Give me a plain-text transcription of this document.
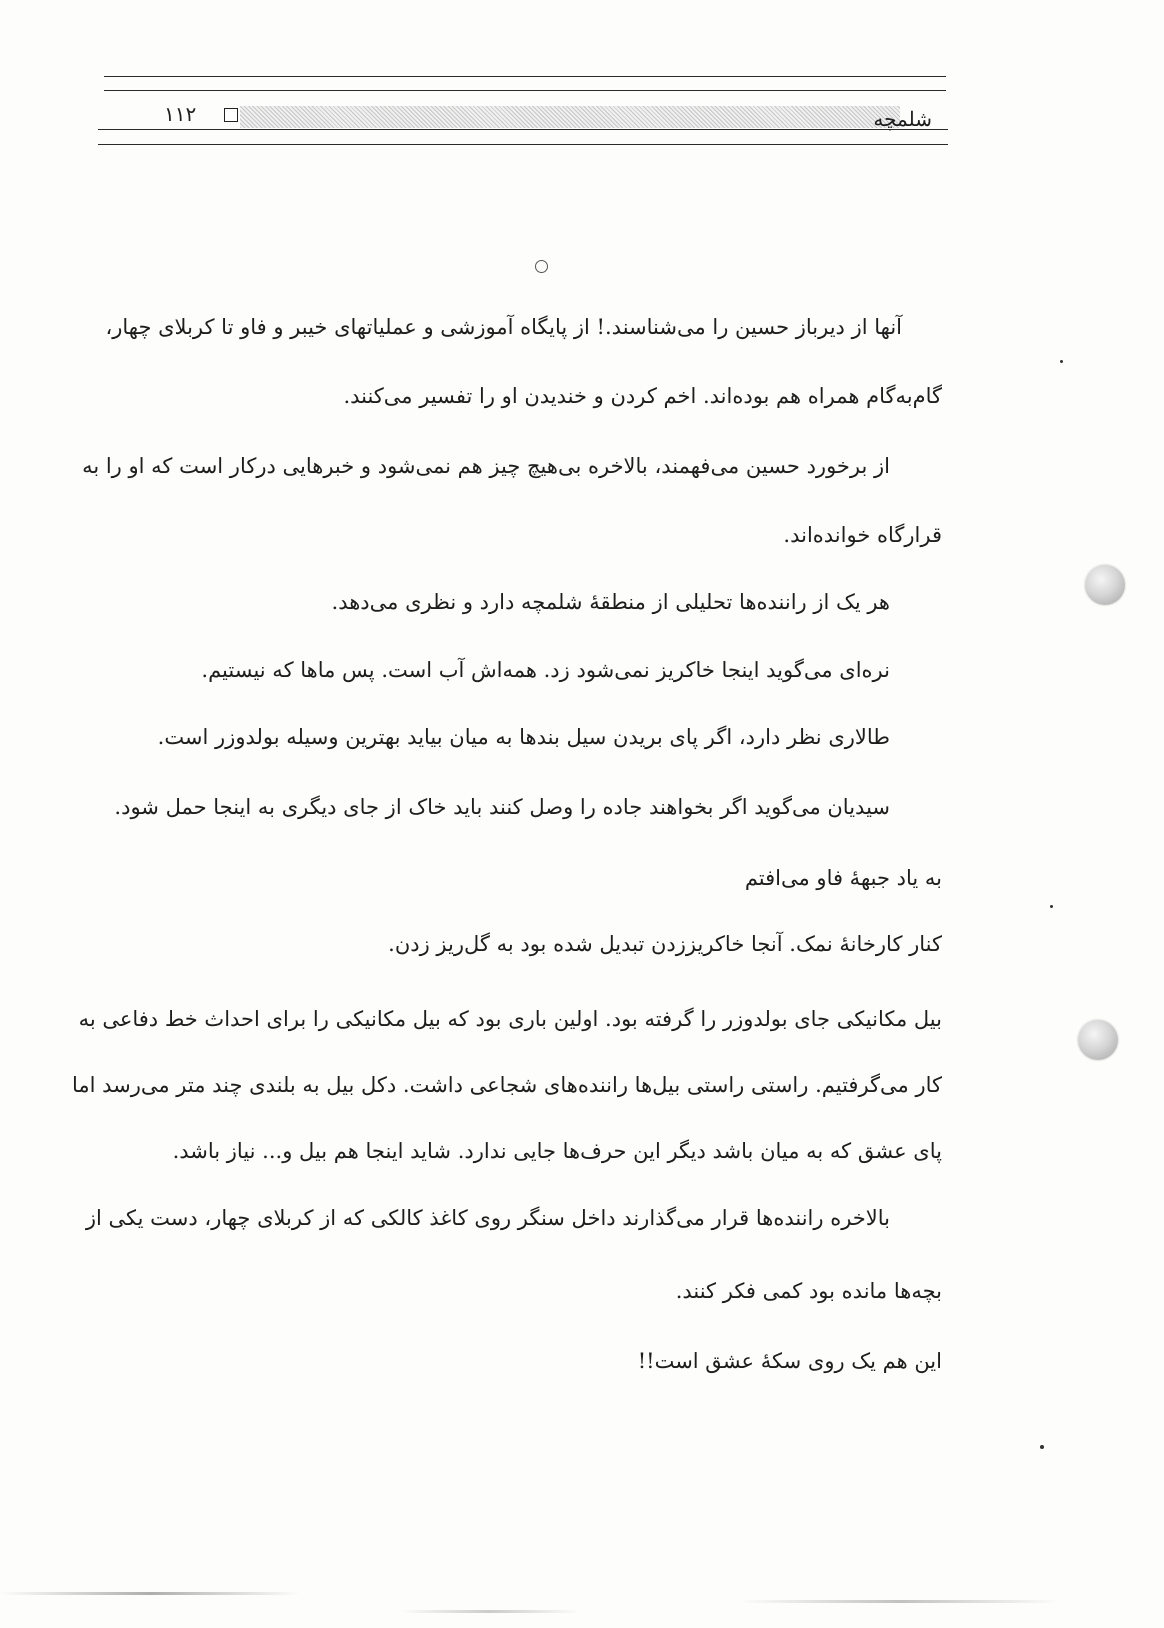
۱۱۲	شلمچه

آنها از دیرباز حسین را می‌شناسند.! از پایگاه آموزشی و عملیاتهای خیبر و فاو تا کربلای چهار،

گام‌به‌گام همراه هم بوده‌اند. اخم کردن و خندیدن او را تفسیر می‌کنند.

از برخورد حسین می‌فهمند، بالاخره بی‌هیچ چیز هم نمی‌شود و خبرهایی درکار است که او را به

قرارگاه خوانده‌اند.

هر یک از راننده‌ها تحلیلی از منطقهٔ شلمچه دارد و نظری می‌دهد.

نره‌ای می‌گوید اینجا خاکریز نمی‌شود زد. همه‌اش آب است. پس ماها که نیستیم.

طالاری نظر دارد، اگر پای بریدن سیل بندها به میان بیاید بهترین وسیله بولدوزر است.

سیدیان می‌گوید اگر بخواهند جاده را وصل کنند باید خاک از جای دیگری به اینجا حمل شود.

به یاد جبههٔ فاو می‌افتم

کنار کارخانهٔ نمک. آنجا خاکریززدن تبدیل شده بود به گل‌ریز زدن.

بیل مکانیکی جای بولدوزر را گرفته بود. اولین باری بود که بیل مکانیکی را برای احداث خط دفاعی به

کار می‌گرفتیم. راستی راستی بیل‌ها راننده‌های شجاعی داشت. دکل بیل به بلندی چند متر می‌رسد اما

پای عشق که به میان باشد دیگر این حرف‌ها جایی ندارد. شاید اینجا هم بیل و... نیاز باشد.

بالاخره راننده‌ها قرار می‌گذارند داخل سنگر روی کاغذ کالکی که از کربلای چهار، دست یکی از

بچه‌ها مانده بود کمی فکر کنند.

این هم یک روی سکهٔ عشق است!!
